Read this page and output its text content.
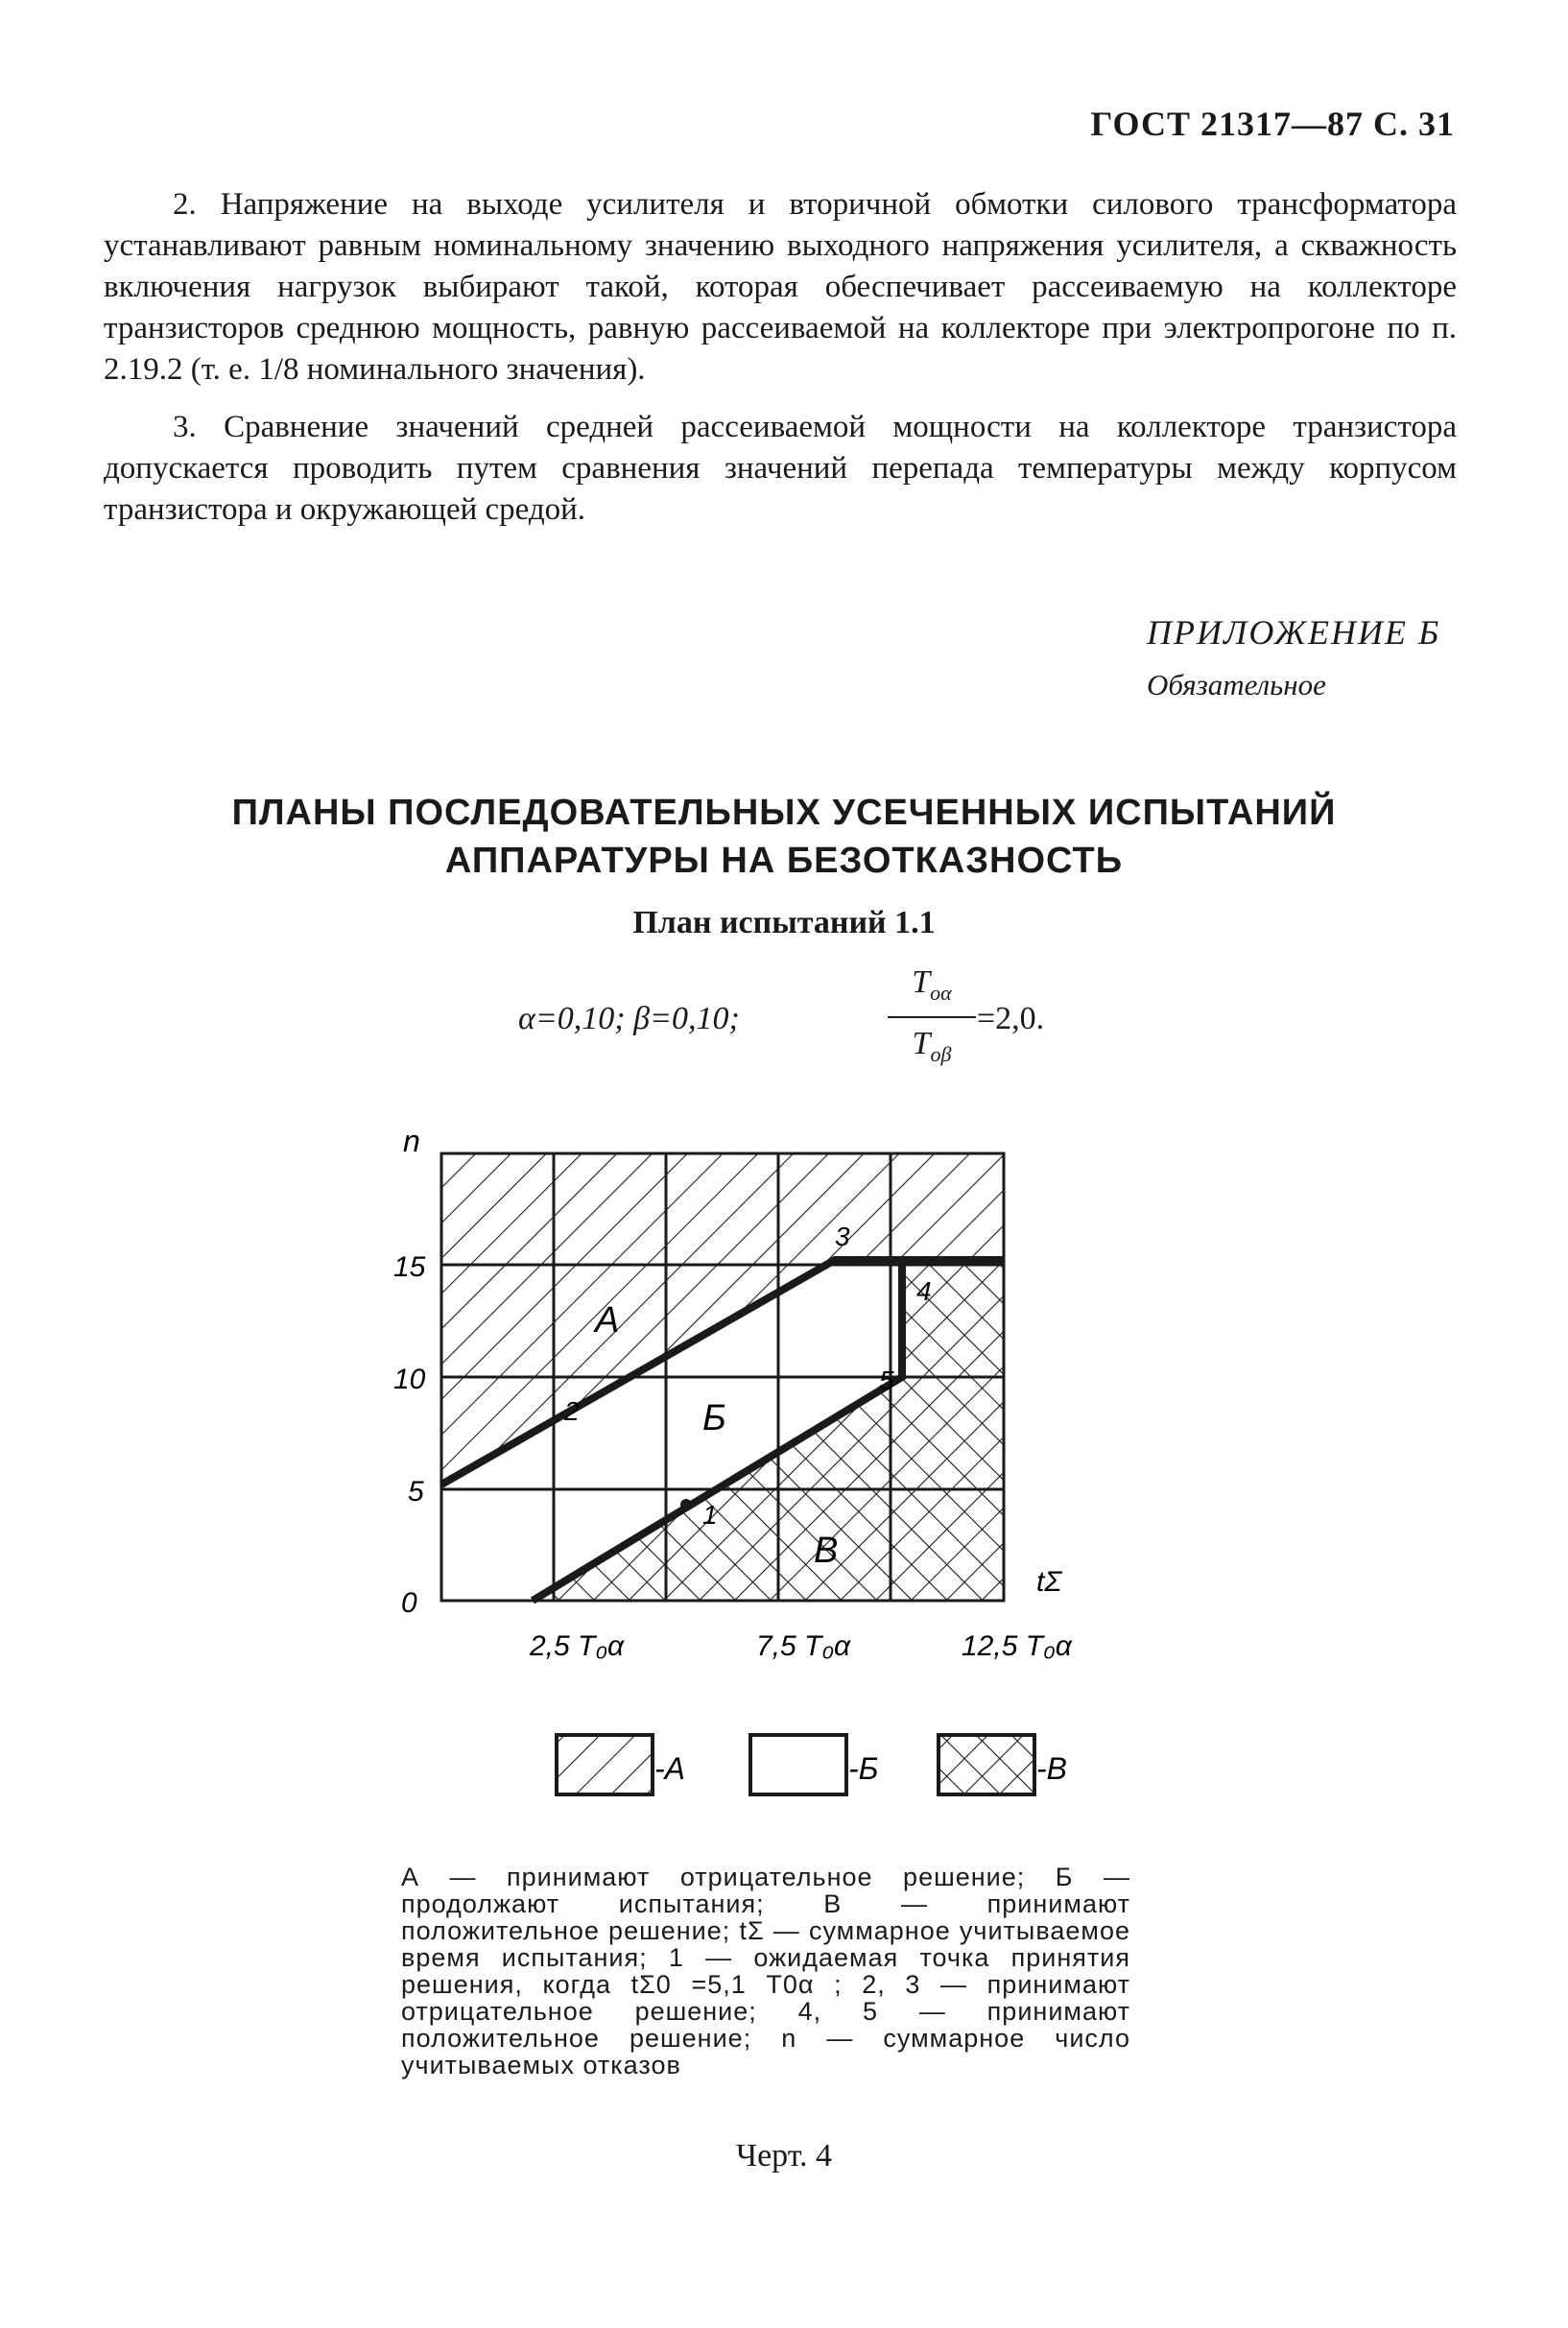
ГОСТ 21317—87 С. 31
2. Напряжение на выходе усилителя и вторичной обмотки силового трансформатора устанавливают равным номинальному значению выходного напряжения усилителя, а скважность включения нагрузок выбирают такой, которая обеспечивает рассеиваемую на коллекторе транзисторов среднюю мощность, равную рассеиваемой на коллекторе при электропрогоне по п. 2.19.2 (т. е. 1/8 номинального значения).
3. Сравнение значений средней рассеиваемой мощности на коллекторе транзистора допускается проводить путем сравнения значений перепада температуры между корпусом транзистора и окружающей средой.
ПРИЛОЖЕНИЕ Б
Обязательное
ПЛАНЫ ПОСЛЕДОВАТЕЛЬНЫХ УСЕЧЕННЫХ ИСПЫТАНИЙ
АППАРАТУРЫ НА БЕЗОТКАЗНОСТЬ
План испытаний 1.1
α=0,10; β=0,10;
$T_{o\alpha}$
$T_{o\beta}$
=2,0.
n
15
10
5
0
2,5 T₀α	7,5 T₀α	12,5 T₀α
tΣ
А
Б
В
1
2
3
4
5
-А	-Б	-В
А — принимают отрицательное решение; Б — продолжают испытания; В — принимают положительное решение; tΣ — суммарное учитываемое время испытания; 1 — ожидаемая точка принятия решения, когда tΣ0 =5,1 T0α ; 2, 3 — принимают отрицательное решение; 4, 5 — принимают положительное решение; n — суммарное число учитываемых отказов
Черт. 4
